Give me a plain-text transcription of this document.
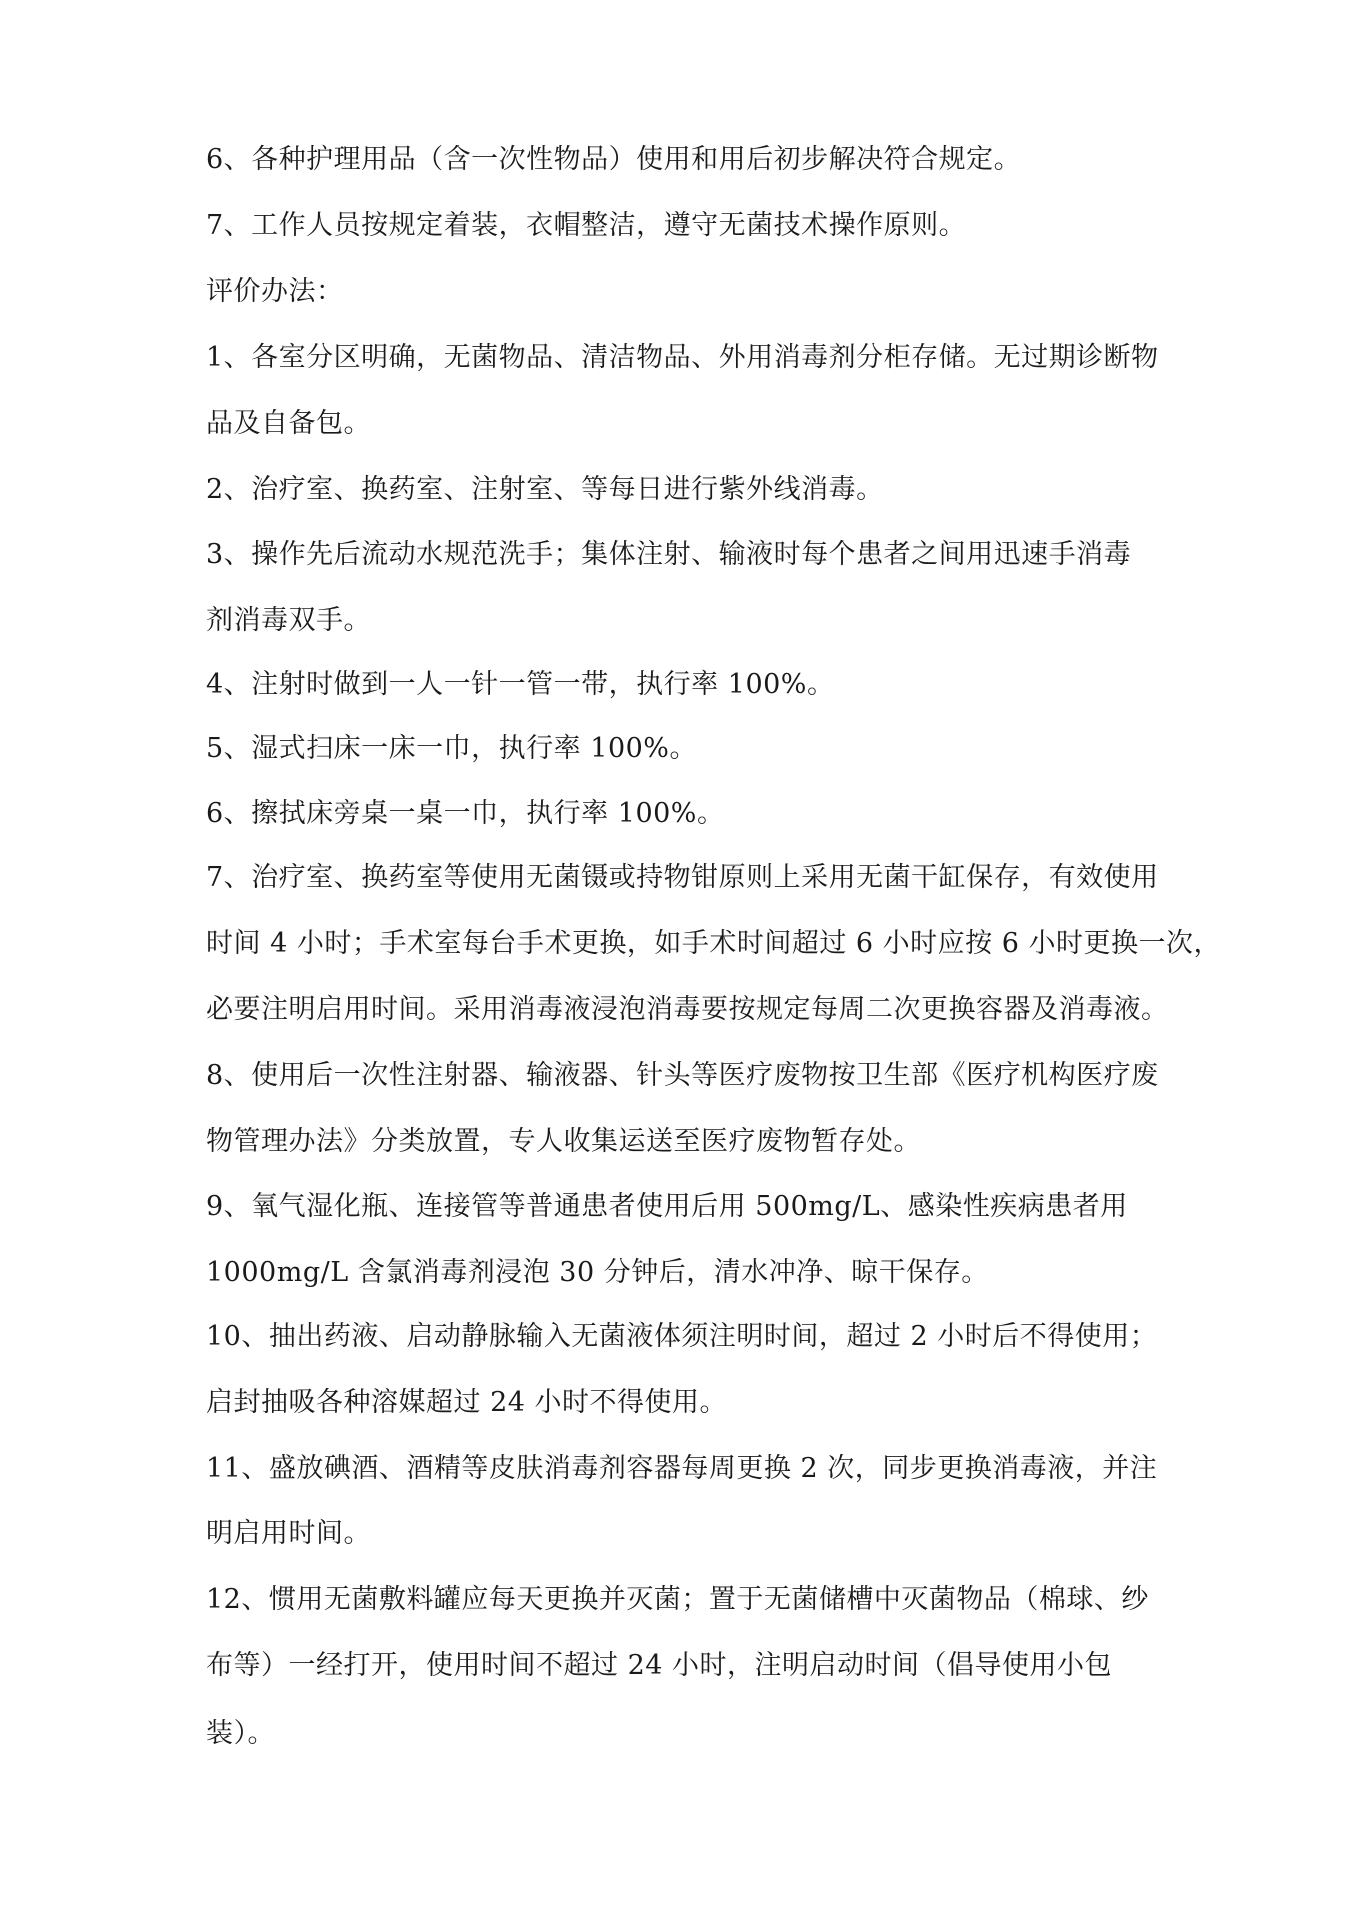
6、各种护理用品（含一次性物品）使用和用后初步解决符合规定。
7、工作人员按规定着装，衣帽整洁，遵守无菌技术操作原则。
评价办法：
1、各室分区明确，无菌物品、清洁物品、外用消毒剂分柜存储。无过期诊断物
品及自备包。
2、治疗室、换药室、注射室、等每日进行紫外线消毒。
3、操作先后流动水规范洗手；集体注射、输液时每个患者之间用迅速手消毒
剂消毒双手。
4、注射时做到一人一针一管一带，执行率 100%。
5、湿式扫床一床一巾，执行率 100%。
6、擦拭床旁桌一桌一巾，执行率 100%。
7、治疗室、换药室等使用无菌镊或持物钳原则上采用无菌干缸保存，有效使用
时间 4 小时；手术室每台手术更换，如手术时间超过 6 小时应按 6 小时更换一次，
必要注明启用时间。采用消毒液浸泡消毒要按规定每周二次更换容器及消毒液。
8、使用后一次性注射器、输液器、针头等医疗废物按卫生部《医疗机构医疗废
物管理办法》分类放置，专人收集运送至医疗废物暂存处。
9、氧气湿化瓶、连接管等普通患者使用后用 500mg/L、感染性疾病患者用
1000mg/L 含氯消毒剂浸泡 30 分钟后，清水冲净、晾干保存。
10、抽出药液、启动静脉输入无菌液体须注明时间，超过 2 小时后不得使用；
启封抽吸各种溶媒超过 24 小时不得使用。
11、盛放碘酒、酒精等皮肤消毒剂容器每周更换 2 次，同步更换消毒液，并注
明启用时间。
12、惯用无菌敷料罐应每天更换并灭菌；置于无菌储槽中灭菌物品（棉球、纱
布等）一经打开，使用时间不超过 24 小时，注明启动时间（倡导使用小包
装）。
